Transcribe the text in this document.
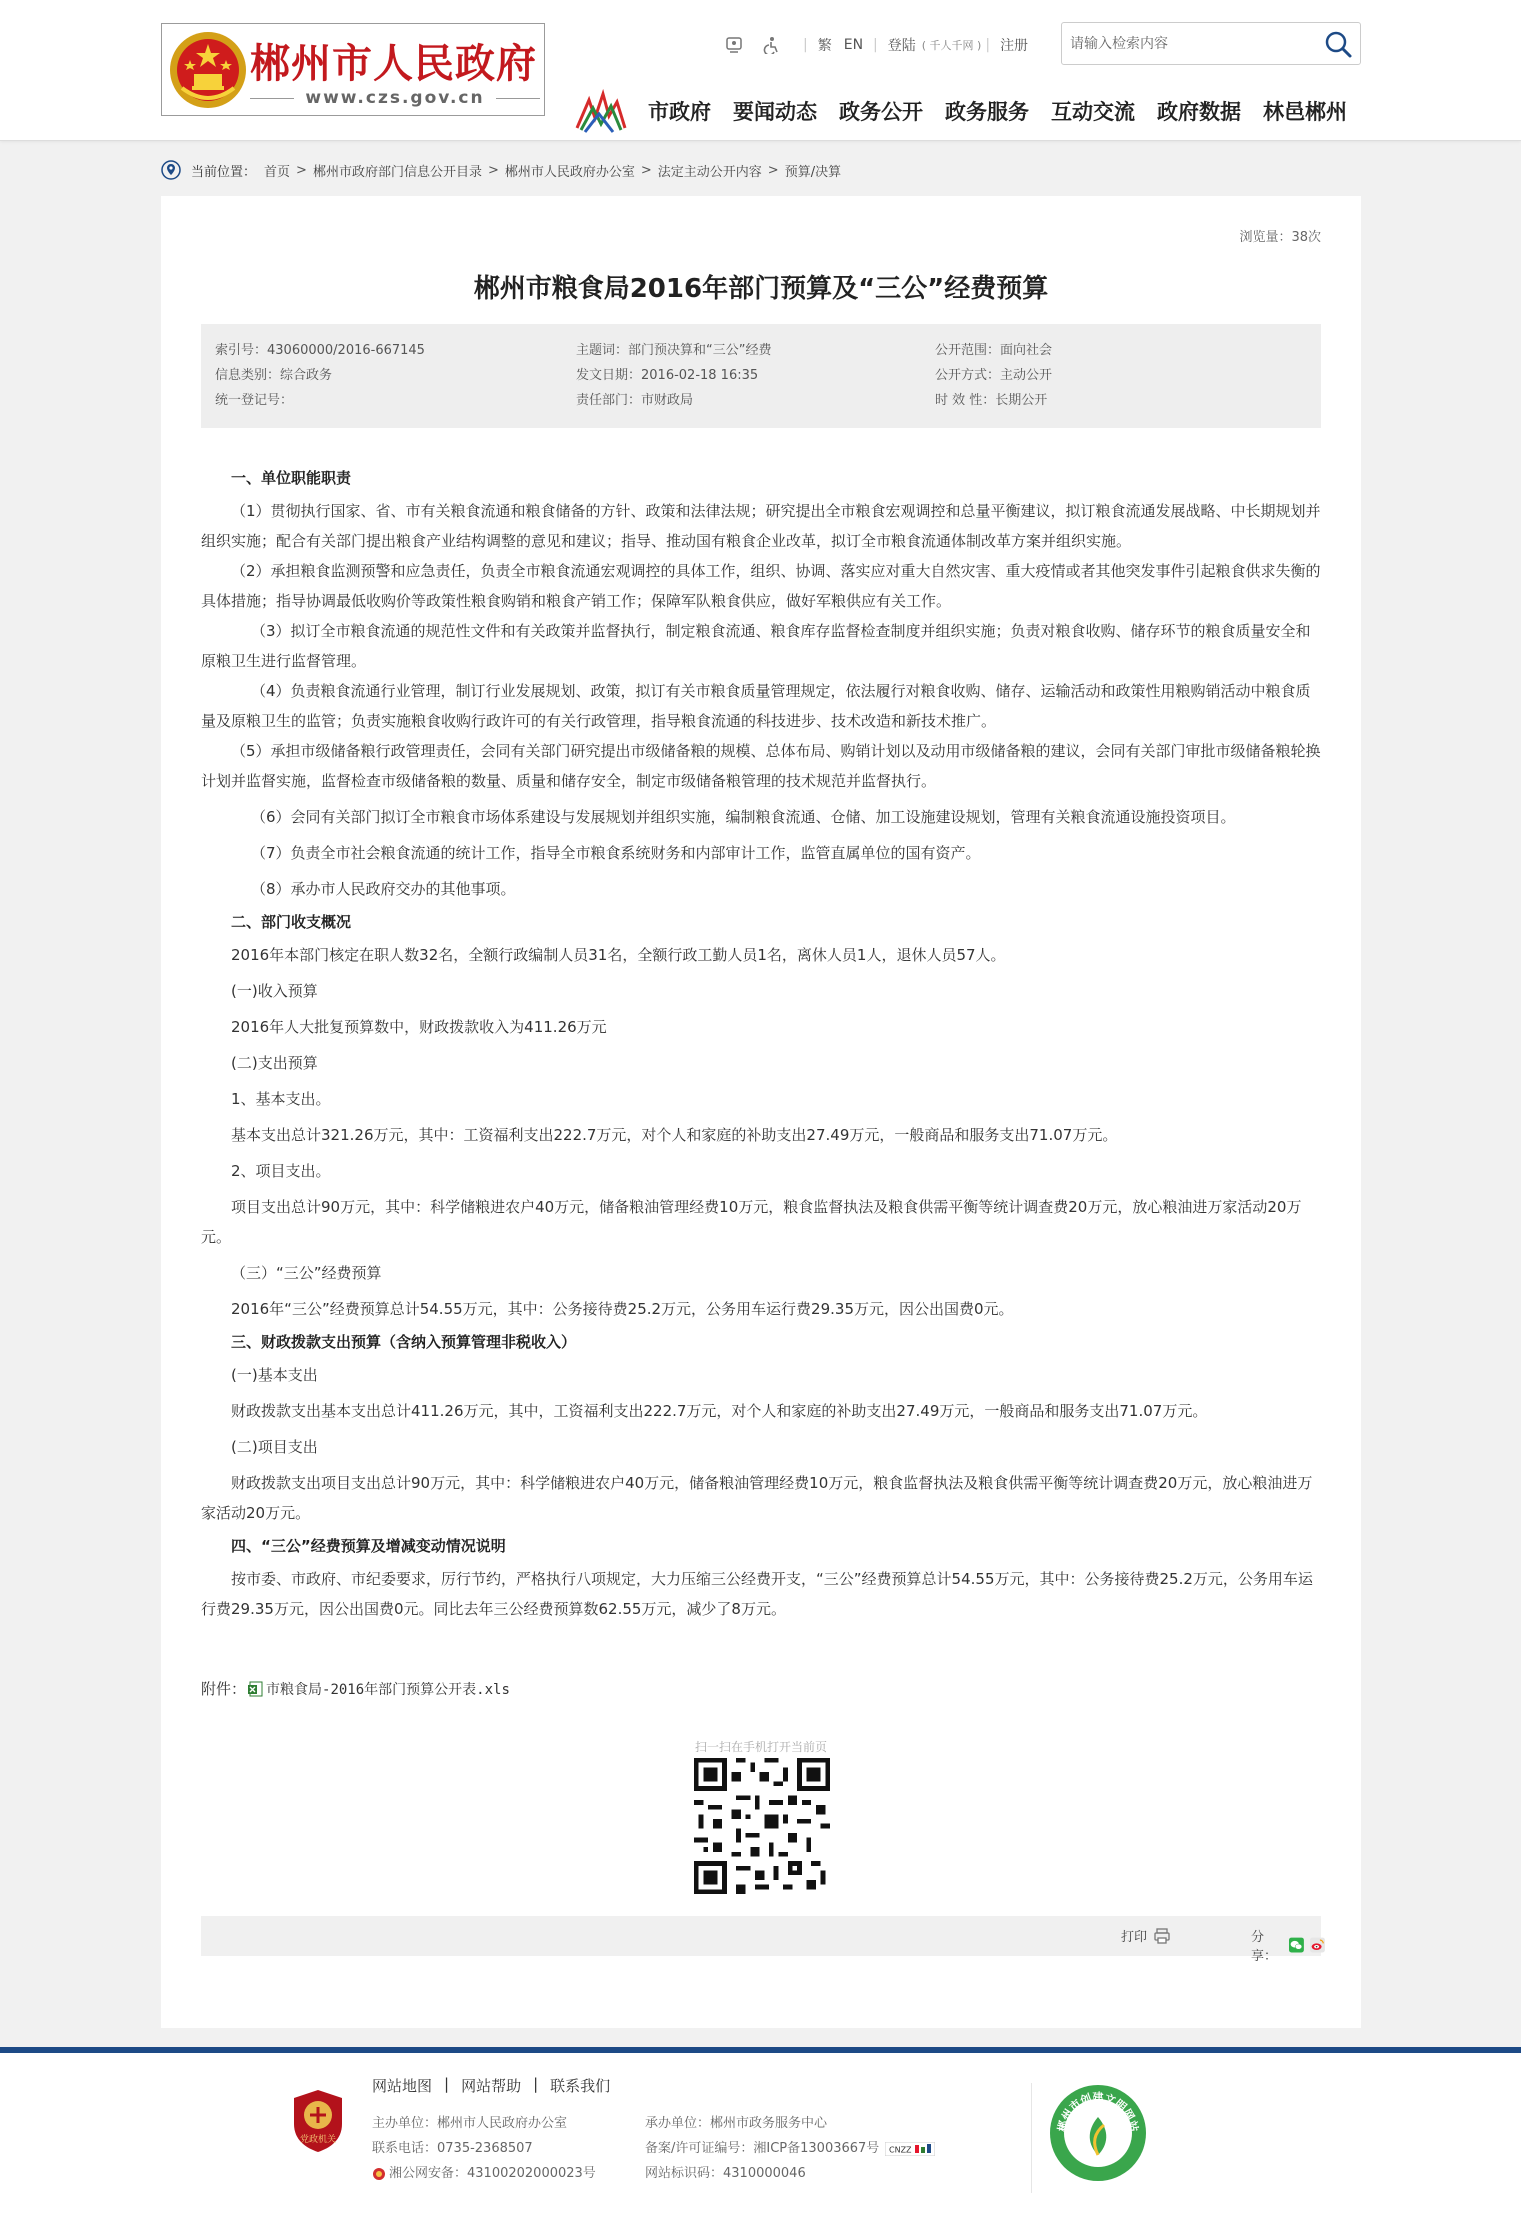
郴州市人民政府
www.czs.gov.cn
| 繁 EN | 登陆 ( 千人千网 ) | 注册
请输入检索内容
市政府 要闻动态 政务公开 政务服务 互动交流 政府数据 林邑郴州
当前位置： 首页 > 郴州市政府部门信息公开目录 > 郴州市人民政府办公室 > 法定主动公开内容 > 预算/决算
浏览量：38次
郴州市粮食局2016年部门预算及“三公”经费预算
索引号：43060000/2016-667145	主题词：部门预决算和“三公”经费	公开范围：面向社会
信息类别：综合政务	发文日期：2016-02-18 16:35	公开方式：主动公开
统一登记号：	责任部门：市财政局	时 效 性：长期公开

一、单位职能职责

（1）贯彻执行国家、省、市有关粮食流通和粮食储备的方针、政策和法律法规；研究提出全市粮食宏观调控和总量平衡建议，拟订粮食流通发展战略、中长期规划并组织实施；配合有关部门提出粮食产业结构调整的意见和建议；指导、推动国有粮食企业改革，拟订全市粮食流通体制改革方案并组织实施。

（2）承担粮食监测预警和应急责任，负责全市粮食流通宏观调控的具体工作，组织、协调、落实应对重大自然灾害、重大疫情或者其他突发事件引起粮食供求失衡的具体措施；指导协调最低收购价等政策性粮食购销和粮食产销工作；保障军队粮食供应，做好军粮供应有关工作。

（3）拟订全市粮食流通的规范性文件和有关政策并监督执行，制定粮食流通、粮食库存监督检查制度并组织实施；负责对粮食收购、储存环节的粮食质量安全和原粮卫生进行监督管理。

（4）负责粮食流通行业管理，制订行业发展规划、政策，拟订有关市粮食质量管理规定，依法履行对粮食收购、储存、运输活动和政策性用粮购销活动中粮食质量及原粮卫生的监管；负责实施粮食收购行政许可的有关行政管理，指导粮食流通的科技进步、技术改造和新技术推广。

（5）承担市级储备粮行政管理责任，会同有关部门研究提出市级储备粮的规模、总体布局、购销计划以及动用市级储备粮的建议，会同有关部门审批市级储备粮轮换计划并监督实施，监督检查市级储备粮的数量、质量和储存安全，制定市级储备粮管理的技术规范并监督执行。

（6）会同有关部门拟订全市粮食市场体系建设与发展规划并组织实施，编制粮食流通、仓储、加工设施建设规划，管理有关粮食流通设施投资项目。

（7）负责全市社会粮食流通的统计工作，指导全市粮食系统财务和内部审计工作，监管直属单位的国有资产。

（8）承办市人民政府交办的其他事项。

二、部门收支概况

2016年本部门核定在职人数32名，全额行政编制人员31名，全额行政工勤人员1名，离休人员1人，退休人员57人。

(一)收入预算

2016年人大批复预算数中，财政拨款收入为411.26万元

(二)支出预算

1、基本支出。

基本支出总计321.26万元，其中：工资福利支出222.7万元，对个人和家庭的补助支出27.49万元，一般商品和服务支出71.07万元。

2、项目支出。

项目支出总计90万元，其中：科学储粮进农户40万元，储备粮油管理经费10万元，粮食监督执法及粮食供需平衡等统计调查费20万元，放心粮油进万家活动20万元。

（三）“三公”经费预算

2016年“三公”经费预算总计54.55万元，其中：公务接待费25.2万元，公务用车运行费29.35万元，因公出国费0元。

三、财政拨款支出预算（含纳入预算管理非税收入）

(一)基本支出

财政拨款支出基本支出总计411.26万元，其中，工资福利支出222.7万元，对个人和家庭的补助支出27.49万元，一般商品和服务支出71.07万元。

(二)项目支出

财政拨款支出项目支出总计90万元，其中：科学储粮进农户40万元，储备粮油管理经费10万元，粮食监督执法及粮食供需平衡等统计调查费20万元，放心粮油进万家活动20万元。

四、“三公”经费预算及增减变动情况说明

按市委、市政府、市纪委要求，厉行节约，严格执行八项规定，大力压缩三公经费开支，“三公”经费预算总计54.55万元，其中：公务接待费25.2万元，公务用车运行费29.35万元，因公出国费0元。同比去年三公经费预算数62.55万元，减少了8万元。

附件： 市粮食局-2016年部门预算公开表.xls
扫一扫在手机打开当前页
打印	分享：
党政机关
网站地图 | 网站帮助 | 联系我们
主办单位：郴州市人民政府办公室
联系电话：0735-2368507
湘公网安备：43100202000023号
承办单位：郴州市政务服务中心
备案/许可证编号：湘ICP备13003667号 CNZZ
网站标识码：4310000046
郴州市创建文明网站
